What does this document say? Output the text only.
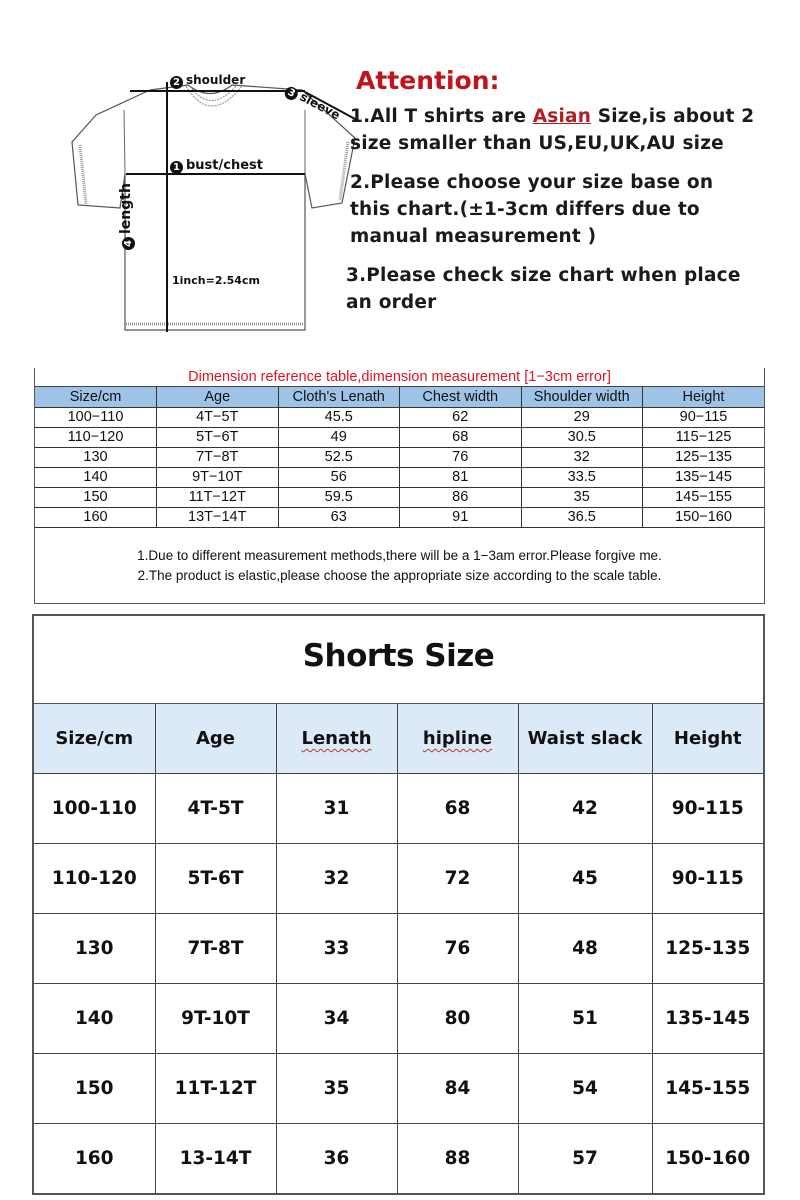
2 shoulder
3sleeve
1 bust/chest
4length
1inch=2.54cm
Attention:

1.All T shirts are Asian Size,is about 2 size smaller than US,EU,UK,AU size

2.Please choose your size base on this chart.(±1-3cm differs due to manual measurement )

3.Please check size chart when place an order

Dimension reference table,dimension measurement [1−3cm error]
Size/cm	Age	Cloth's Lenath	Chest width	Shoulder width	Height
100−110	4T−5T	45.5	62	29	90−115
110−120	5T−6T	49	68	30.5	115−125
130	7T−8T	52.5	76	32	125−135
140	9T−10T	56	81	33.5	135−145
150	11T−12T	59.5	86	35	145−155
160	13T−14T	63	91	36.5	150−160
1.Due to different measurement methods,there will be a 1−3am error.Please forgive me.
2.The product is elastic,please choose the appropriate size according to the scale table.
Shorts Size
Size/cm	Age	Lenath	hipline	Waist slack	Height
100-110	4T-5T	31	68	42	90-115
110-120	5T-6T	32	72	45	90-115
130	7T-8T	33	76	48	125-135
140	9T-10T	34	80	51	135-145
150	11T-12T	35	84	54	145-155
160	13-14T	36	88	57	150-160
